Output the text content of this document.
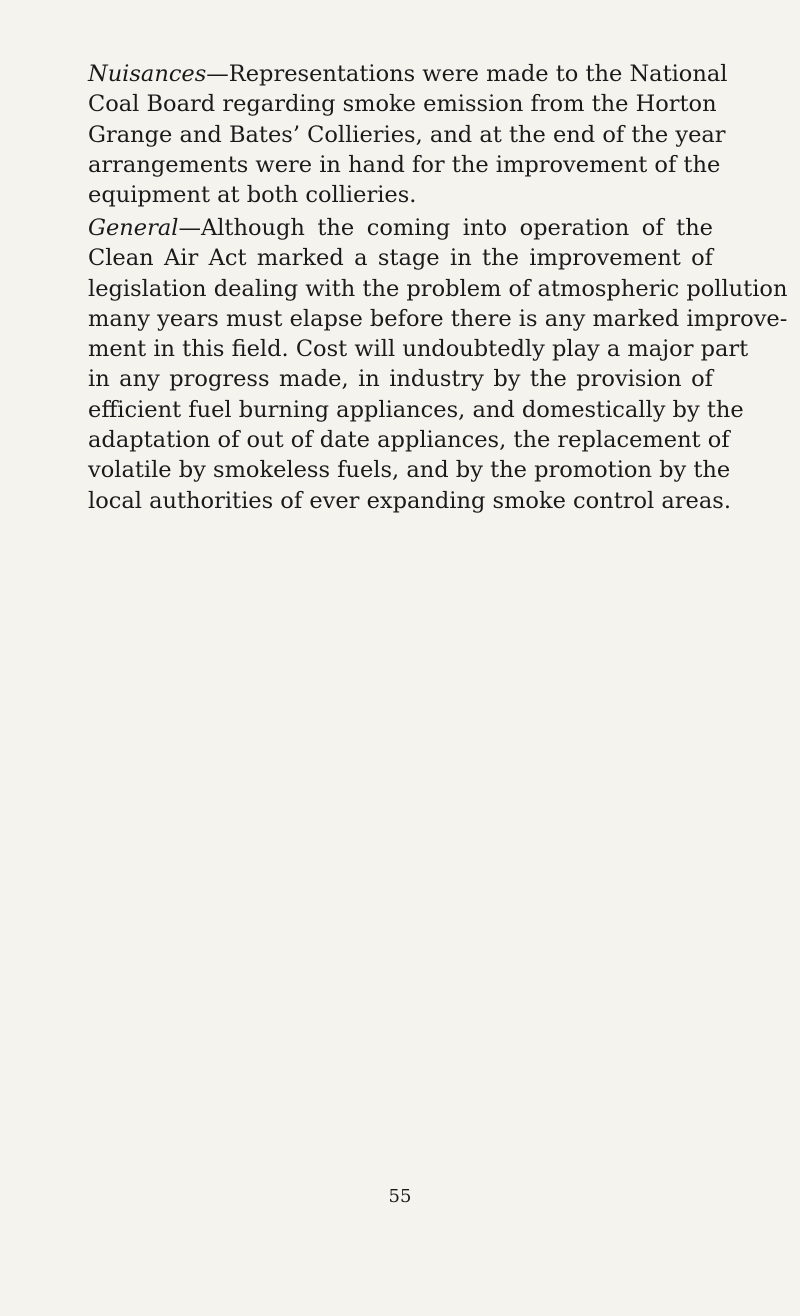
Nuisances—Representations were made to the National
Coal Board regarding smoke emission from the Horton
Grange and Bates’ Collieries, and at the end of the year
arrangements were in hand for the improvement of the
equipment at both collieries.
General—Although the coming into operation of the
Clean Air Act marked a stage in the improvement of
legislation dealing with the problem of atmospheric pollution
many years must elapse before there is any marked improve-
ment in this field. Cost will undoubtedly play a major part
in any progress made, in industry by the provision of
efficient fuel burning appliances, and domestically by the
adaptation of out of date appliances, the replacement of
volatile by smokeless fuels, and by the promotion by the
local authorities of ever expanding smoke control areas.
55
